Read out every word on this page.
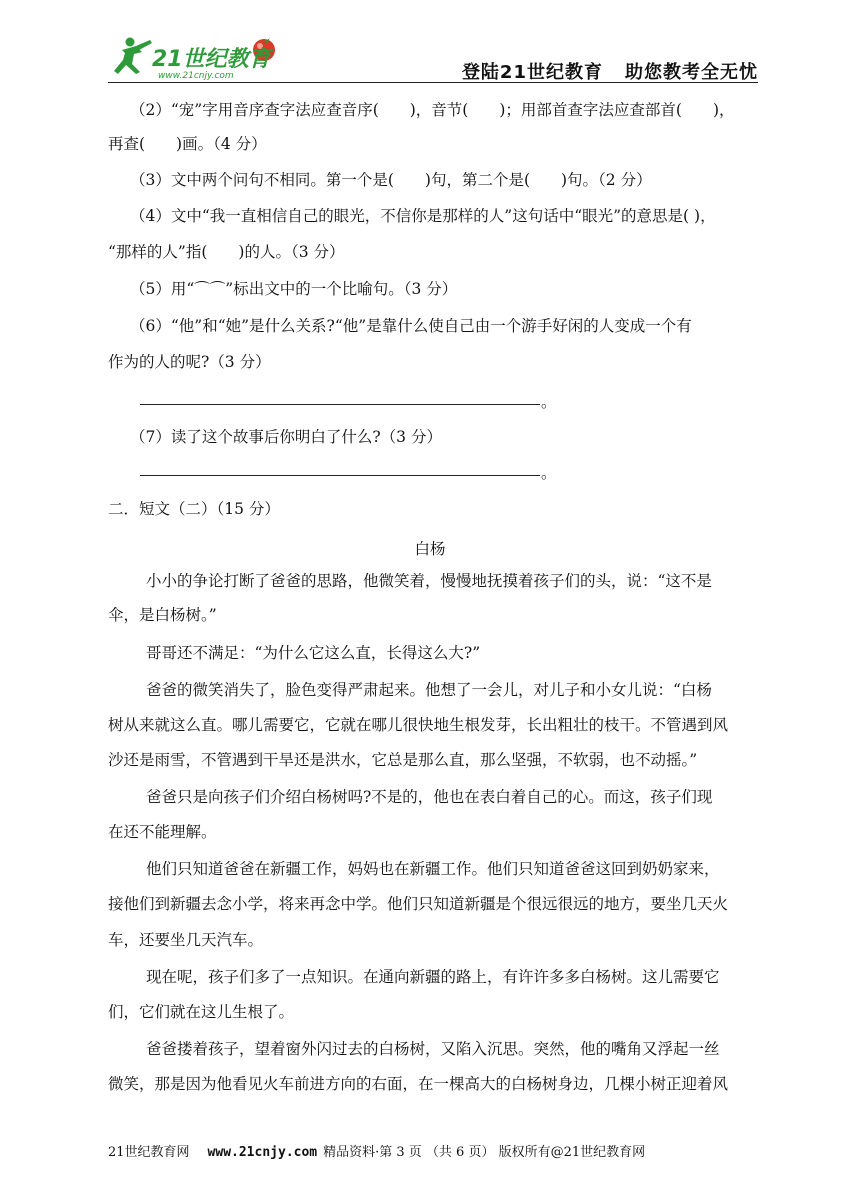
21世纪教育
www.21cnjy.com	登陆21世纪教育 助您教考全无忧
（2）“宠”字用音序查字法应查音序(　　)，音节(　　)；用部首查字法应查部首(　　)，
再查(　　)画。（4 分）
（3）文中两个问句不相同。第一个是(　　)句，第二个是(　　)句。（2 分）
（4）文中“我一直相信自己的眼光，不信你是那样的人”这句话中“眼光”的意思是( )，
“那样的人”指(　　)的人。（3 分）
（5）用“⌒⌒”标出文中的一个比喻句。（3 分）
（6）“他”和“她”是什么关系?“他”是靠什么使自己由一个游手好闲的人变成一个有
作为的人的呢?（3 分）
。
（7）读了这个故事后你明白了什么?（3 分）
。
二．短文（二）（15 分）
白杨
小小的争论打断了爸爸的思路，他微笑着，慢慢地抚摸着孩子们的头，说：“这不是
伞，是白杨树。”
哥哥还不满足：“为什么它这么直，长得这么大?”
爸爸的微笑消失了，脸色变得严肃起来。他想了一会儿，对儿子和小女儿说：“白杨
树从来就这么直。哪儿需要它，它就在哪儿很快地生根发芽，长出粗壮的枝干。不管遇到风
沙还是雨雪，不管遇到干旱还是洪水，它总是那么直，那么坚强，不软弱，也不动摇。”
爸爸只是向孩子们介绍白杨树吗?不是的，他也在表白着自己的心。而这，孩子们现
在还不能理解。
他们只知道爸爸在新疆工作，妈妈也在新疆工作。他们只知道爸爸这回到奶奶家来，
接他们到新疆去念小学，将来再念中学。他们只知道新疆是个很远很远的地方，要坐几天火
车，还要坐几天汽车。
现在呢，孩子们多了一点知识。在通向新疆的路上，有许许多多白杨树。这儿需要它
们，它们就在这儿生根了。
爸爸搂着孩子，望着窗外闪过去的白杨树，又陷入沉思。突然，他的嘴角又浮起一丝
微笑，那是因为他看见火车前进方向的右面，在一棵高大的白杨树身边，几棵小树正迎着风
21世纪教育网 www.21cnjy.com 精品资料·第 3 页 （共 6 页） 版权所有@21世纪教育网
